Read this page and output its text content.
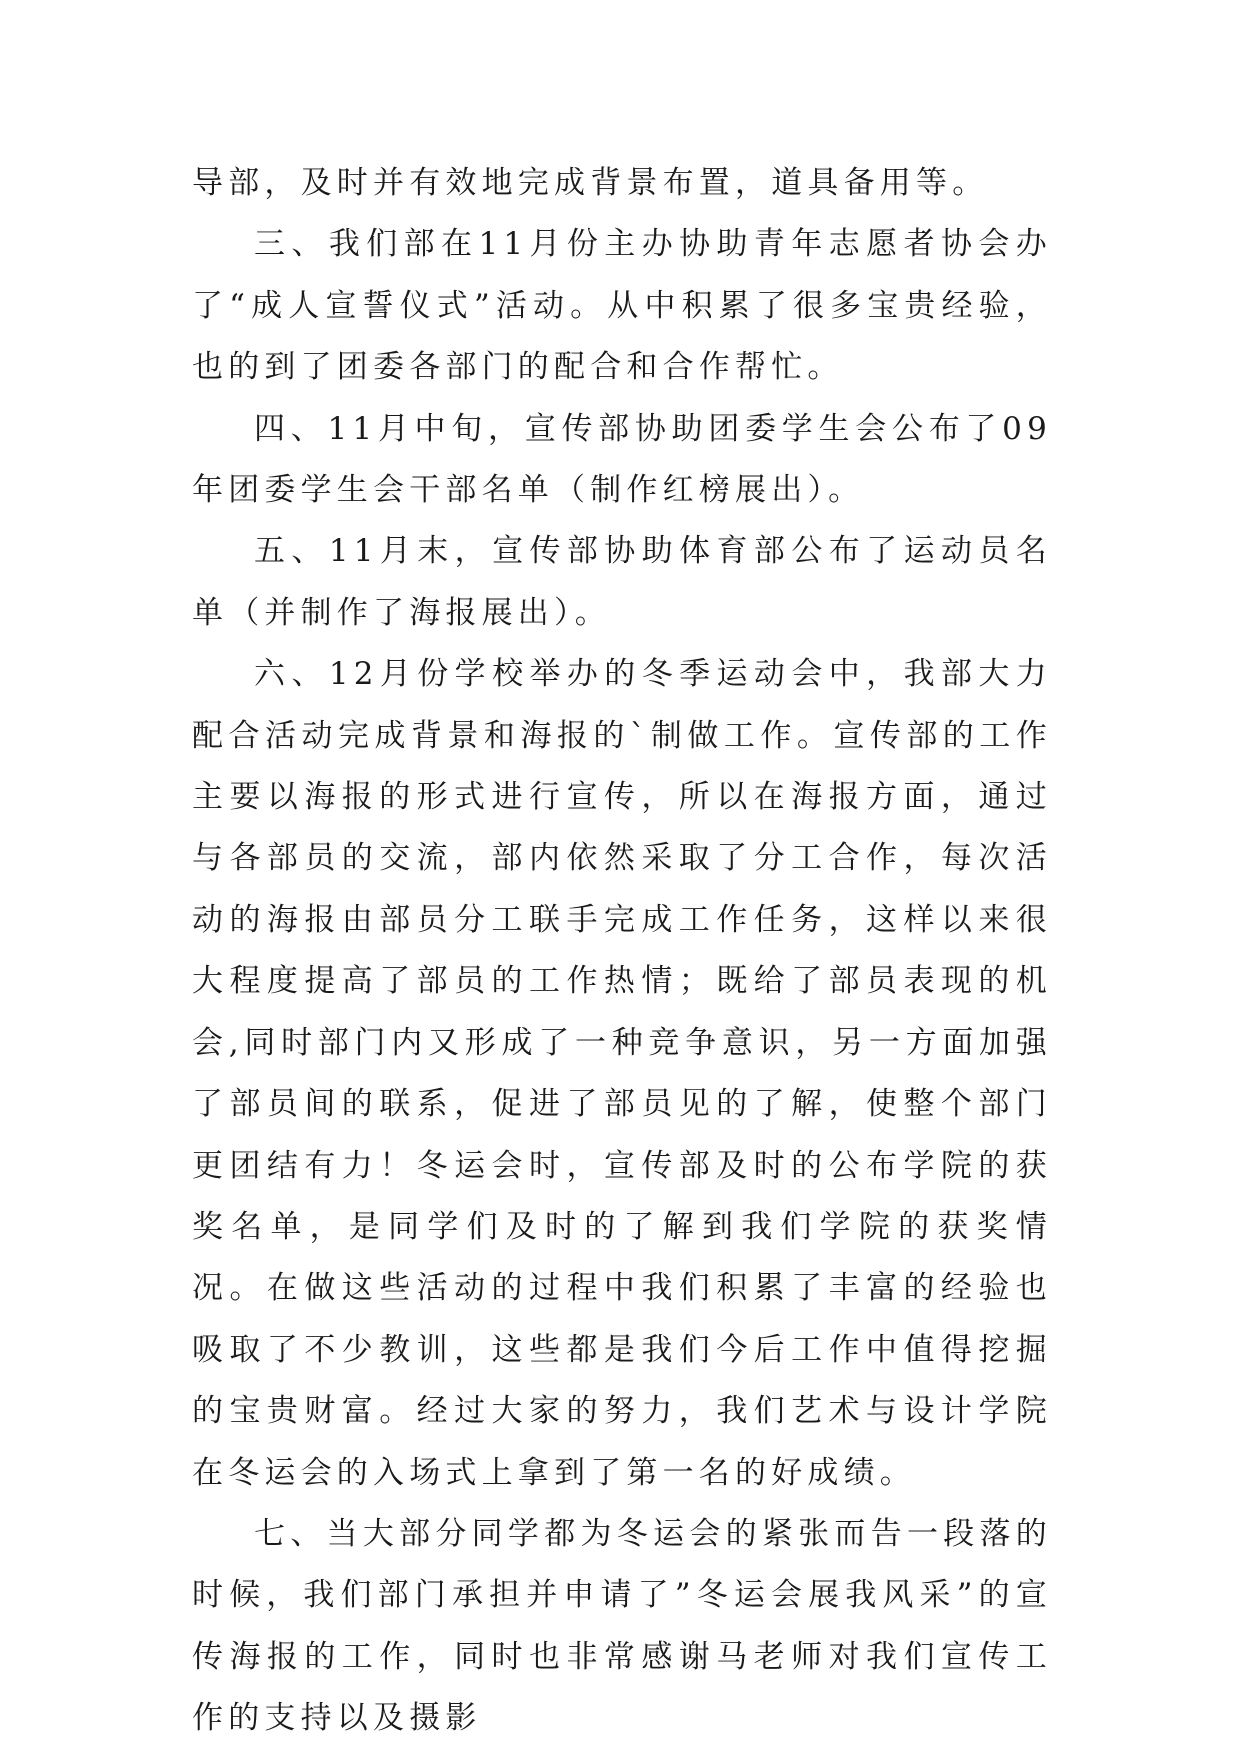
导部，及时并有效地完成背景布置，道具备用等。

三、我们部在11月份主办协助青年志愿者协会办了“成人宣誓仪式”活动。从中积累了很多宝贵经验，也的到了团委各部门的配合和合作帮忙。

四、11月中旬，宣传部协助团委学生会公布了09年团委学生会干部名单（制作红榜展出）。

五、11月末，宣传部协助体育部公布了运动员名单（并制作了海报展出）。

六、12月份学校举办的冬季运动会中，我部大力配合活动完成背景和海报的`制做工作。宣传部的工作主要以海报的形式进行宣传，所以在海报方面，通过与各部员的交流，部内依然采取了分工合作，每次活动的海报由部员分工联手完成工作任务，这样以来很大程度提高了部员的工作热情；既给了部员表现的机会,同时部门内又形成了一种竞争意识，另一方面加强了部员间的联系，促进了部员见的了解，使整个部门更团结有力！冬运会时，宣传部及时的公布学院的获奖名单，是同学们及时的了解到我们学院的获奖情况。在做这些活动的过程中我们积累了丰富的经验也吸取了不少教训，这些都是我们今后工作中值得挖掘的宝贵财富。经过大家的努力，我们艺术与设计学院在冬运会的入场式上拿到了第一名的好成绩。

七、当大部分同学都为冬运会的紧张而告一段落的时候，我们部门承担并申请了”冬运会展我风采”的宣传海报的工作，同时也非常感谢马老师对我们宣传工作的支持以及摄影
